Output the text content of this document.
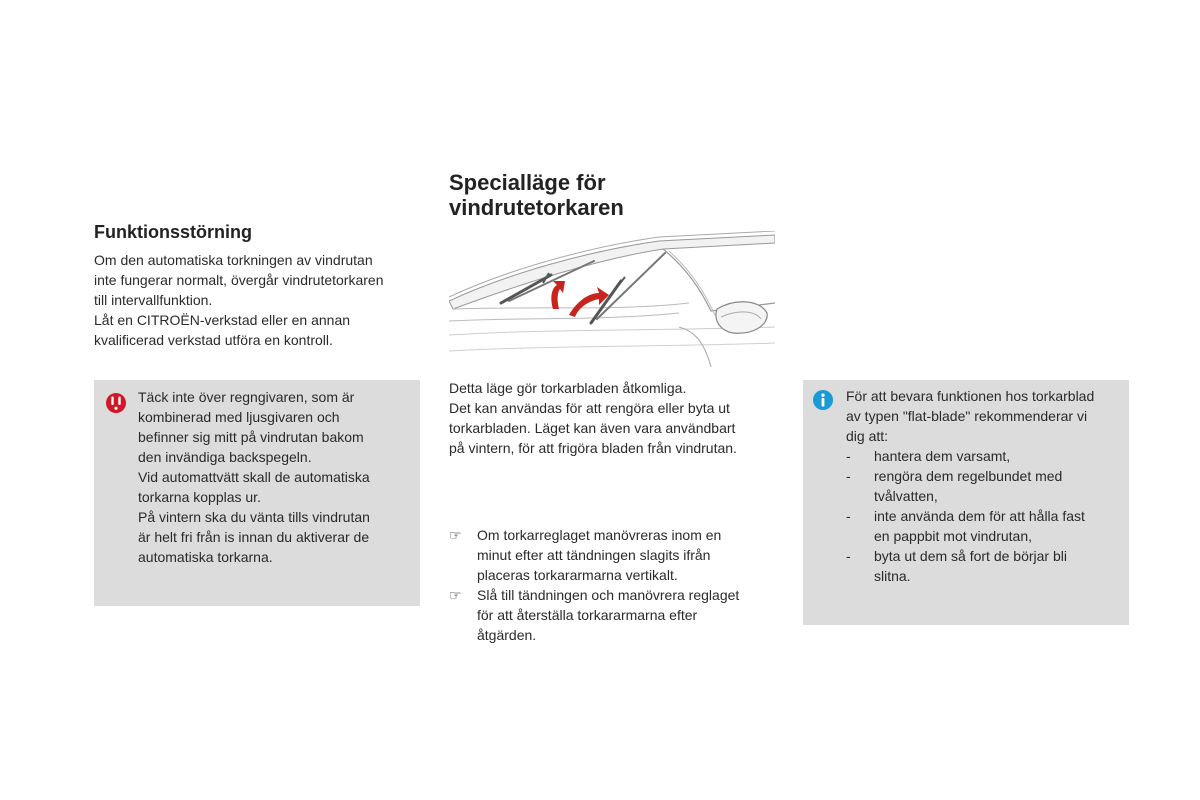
Funktionsstörning
Om den automatiska torkningen av vindrutan
inte fungerar normalt, övergår vindrutetorkaren
till intervallfunktion.
Låt en CITROËN-verkstad eller en annan
kvalificerad verkstad utföra en kontroll.
Täck inte över regngivaren, som är
kombinerad med ljusgivaren och
befinner sig mitt på vindrutan bakom
den invändiga backspegeln.
Vid automattvätt skall de automatiska
torkarna kopplas ur.
På vintern ska du vänta tills vindrutan
är helt fri från is innan du aktiverar de
automatiska torkarna.
Specialläge för
vindrutetorkaren
Detta läge gör torkarbladen åtkomliga.
Det kan användas för att rengöra eller byta ut
torkarbladen. Läget kan även vara användbart
på vintern, för att frigöra bladen från vindrutan.
☞	Om torkarreglaget manövreras inom en
minut efter att tändningen slagits ifrån
placeras torkararmarna vertikalt.
☞	Slå till tändningen och manövrera reglaget
för att återställa torkararmarna efter
åtgärden.
För att bevara funktionen hos torkarblad
av typen "flat-blade" rekommenderar vi
dig att:
-	hantera dem varsamt,
-	rengöra dem regelbundet med
tvålvatten,
-	inte använda dem för att hålla fast
en pappbit mot vindrutan,
-	byta ut dem så fort de börjar bli
slitna.
